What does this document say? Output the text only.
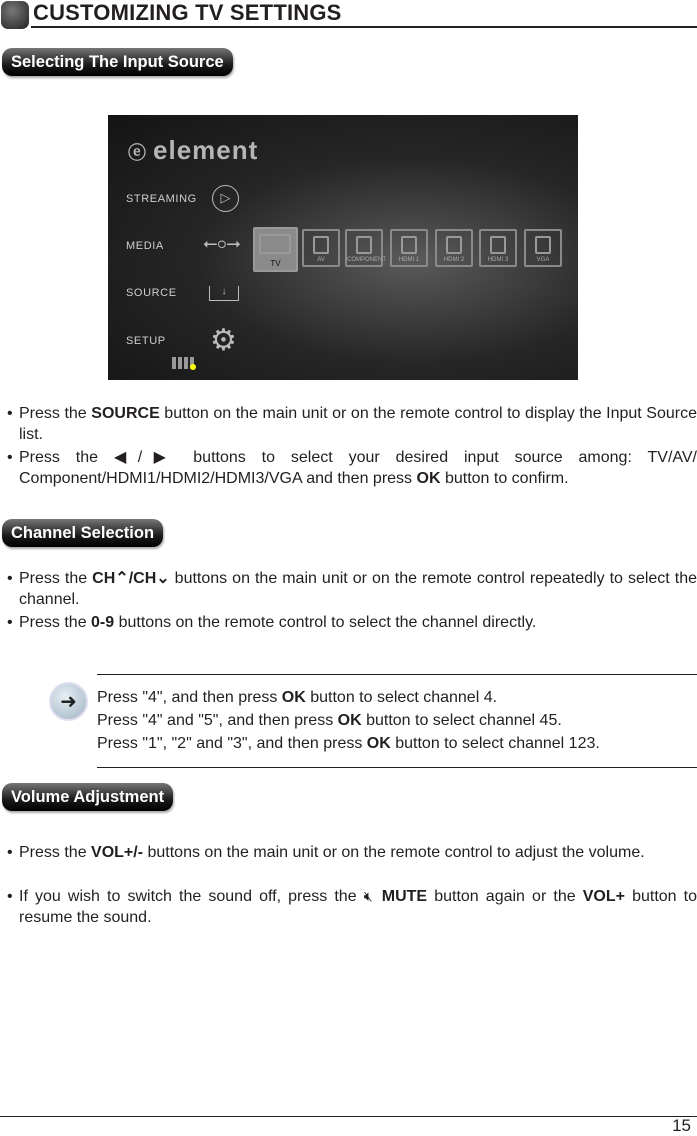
CUSTOMIZING TV SETTINGS
Selecting The Input Source
ⓔ element
STREAMING
MEDIA
SOURCE
SETUP
▷
⭠⚬⭢
↓
⚙
TV	AV	COMPONENT	HDMI 1	HDMI 2	HDMI 3	VGA
• Press the SOURCE button on the main unit or on the remote control to display the Input Source list.

• Press the ◀/▶ buttons to select your desired input source among: TV/AV/ Component/HDMI1/HDMI2/HDMI3/VGA and then press OK button to confirm.

Channel Selection
• Press the CH⌃/CH⌄ buttons on the main unit or on the remote control repeatedly to select the channel.

• Press the 0-9 buttons on the remote control to select the channel directly.

➜	Press "4", and then press OK button to select channel 4.

Press "4" and "5", and then press OK button to select channel 45.

Press "1", "2" and "3", and then press OK button to select channel 123.

Volume Adjustment
• Press the VOL+/- buttons on the main unit or on the remote control to adjust the volume.

• If you wish to switch the sound off, press the 🔇︎ MUTE button again or the VOL+ button to resume the sound.

15
